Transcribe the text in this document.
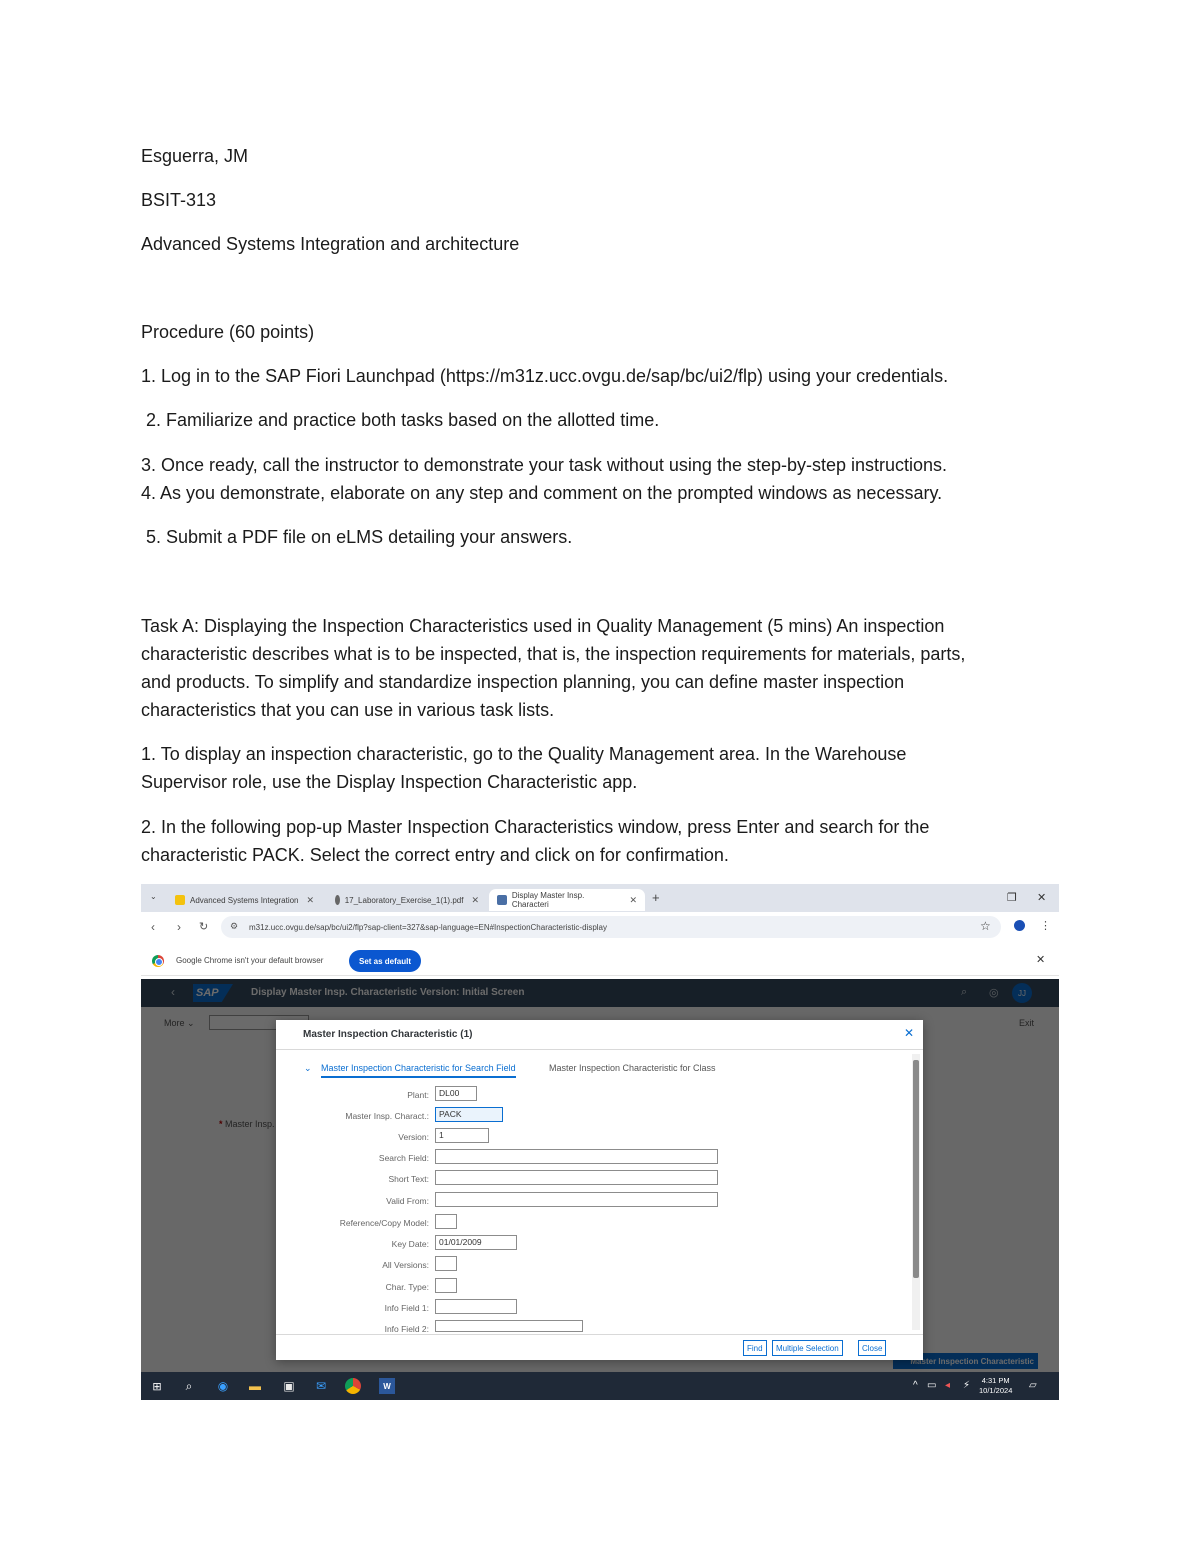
Esguerra, JM
BSIT-313
Advanced Systems Integration and architecture
Procedure (60 points)
1. Log in to the SAP Fiori Launchpad (https://m31z.ucc.ovgu.de/sap/bc/ui2/flp) using your credentials.
2. Familiarize and practice both tasks based on the allotted time.
3. Once ready, call the instructor to demonstrate your task without using the step-by-step instructions.
4. As you demonstrate, elaborate on any step and comment on the prompted windows as necessary.
5. Submit a PDF file on eLMS detailing your answers.
Task A: Displaying the Inspection Characteristics used in Quality Management (5 mins) An inspection
characteristic describes what is to be inspected, that is, the inspection requirements for materials, parts,
and products. To simplify and standardize inspection planning, you can define master inspection
characteristics that you can use in various task lists.
1. To display an inspection characteristic, go to the Quality Management area. In the Warehouse
Supervisor role, use the Display Inspection Characteristic app.
2. In the following pop-up Master Inspection Characteristics window, press Enter and search for the
characteristic PACK. Select the correct entry and click on for confirmation.
⌄	Advanced Systems Integration ✕	17_Laboratory_Exercise_1(1).pdf ✕	Display Master Insp. Characteri	✕ +	❐ ✕
‹ › ↻ ⚙ m31z.ucc.ovgu.de/sap/bc/ui2/flp?sap-client=327&sap-language=EN#InspectionCharacteristic-display	☆	⋮
Google Chrome isn't your default browser	Set as default	✕
Master Inspection Characteristic (1)	✕
⌄ Master Inspection Characteristic for Search Field	Master Inspection Characteristic for Class
Plant:	DL00
Master Insp. Charact.:	PACK
Version:	1
Search Field:
Short Text:
Valid From:
Reference/Copy Model:
Key Date:	01/01/2009
All Versions:
Char. Type:
Info Field 1:
Info Field 2:
Find	Multiple Selection	Close
⊞	⌕	◉ ▬ ▣ ✉	W	^ ▭ ◂ ⚡	4:31 PM
10/1/2024 ▱
